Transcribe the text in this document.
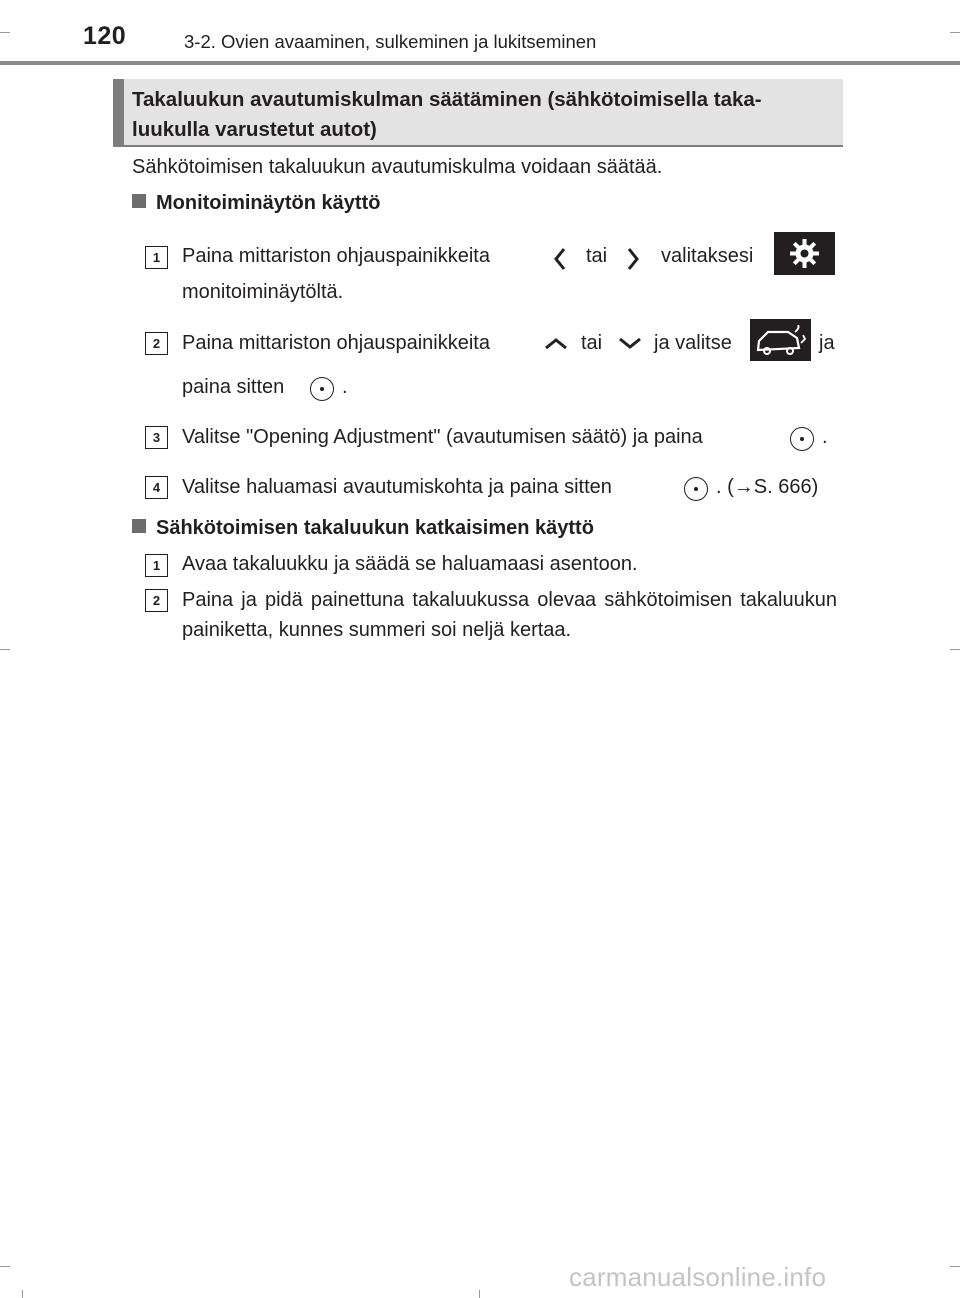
120	3-2. Ovien avaaminen, sulkeminen ja lukitseminen
Takaluukun avautumiskulman säätäminen (sähkötoimisella taka-luukulla varustetut autot)
Sähkötoimisen takaluukun avautumiskulma voidaan säätää.
Monitoiminäytön käyttö
1	Paina mittariston ohjauspainikkeita	tai	valitaksesi
monitoiminäytöltä.
2	Paina mittariston ohjauspainikkeita	tai	ja valitse	ja
paina sitten	.
3	Valitse "Opening Adjustment" (avautumisen säätö) ja paina	.
4	Valitse haluamasi avautumiskohta ja paina sitten	. (→S. 666)
Sähkötoimisen takaluukun katkaisimen käyttö
1	Avaa takaluukku ja säädä se haluamaasi asentoon.
2	Paina ja pidä painettuna takaluukussa olevaa sähkötoimisen takaluukun painiketta, kunnes summeri soi neljä kertaa.
carmanualsonline.info
